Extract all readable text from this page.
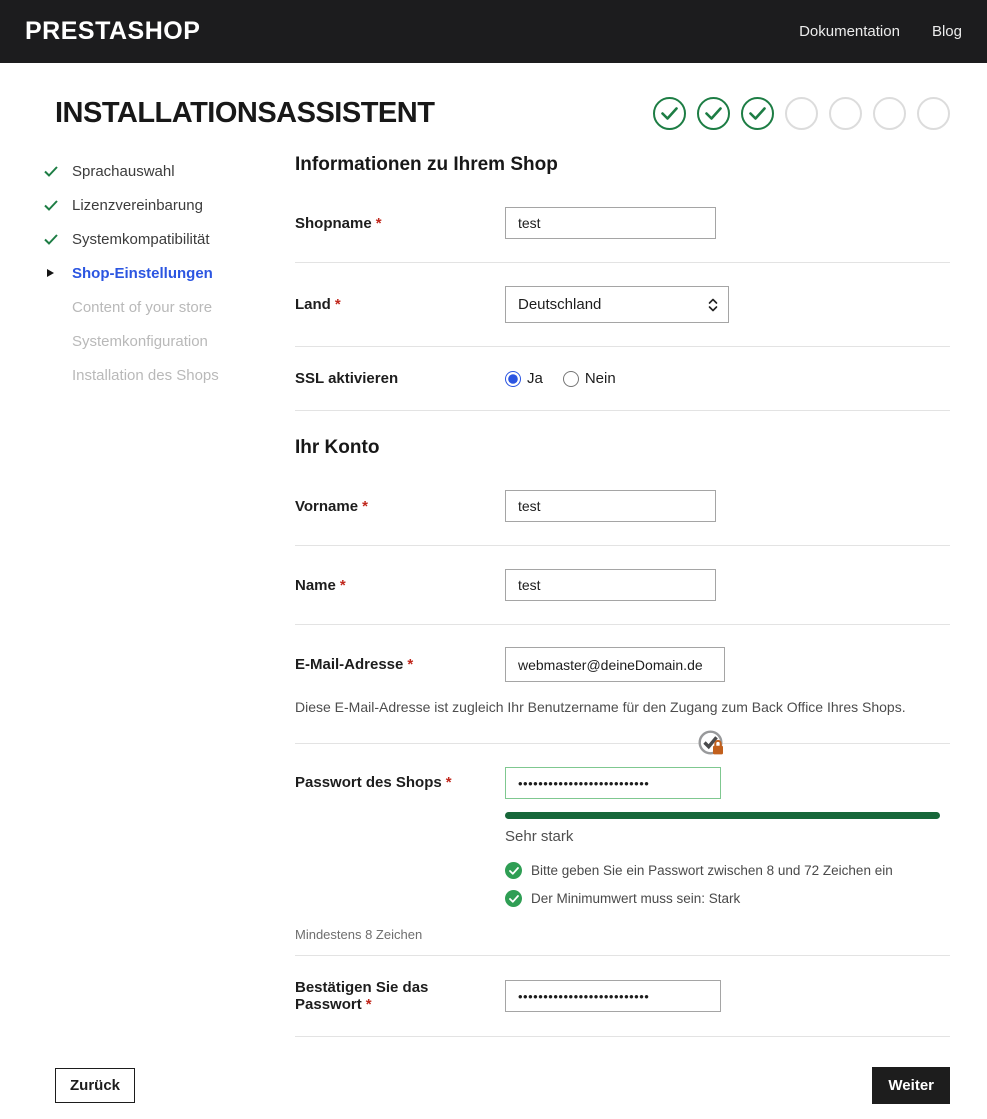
PRESTASHOP	Dokumentation Blog
INSTALLATIONSASSISTENT
Sprachauswahl
Lizenzvereinbarung
Systemkompatibilität
Shop-Einstellungen
Content of your store
Systemkonfiguration
Installation des Shops
Informationen zu Ihrem Shop
Shopname *
test
Land *	Deutschland
SSL aktivieren	Ja	Nein
Ihr Konto
Vorname *
test
Name *
test
E-Mail-Adresse *
webmaster@deineDomain.de

Diese E-Mail-Adresse ist zugleich Ihr Benutzername für den Zugang zum Back Office Ihres Shops.

Passwort des Shops *
••••••••••••••••••••••••••
Sehr stark
Bitte geben Sie ein Passwort zwischen 8 und 72 Zeichen ein
Der Minimumwert muss sein: Stark
Mindestens 8 Zeichen
Bestätigen Sie das Passwort *
••••••••••••••••••••••••••
Zurück	Weiter
